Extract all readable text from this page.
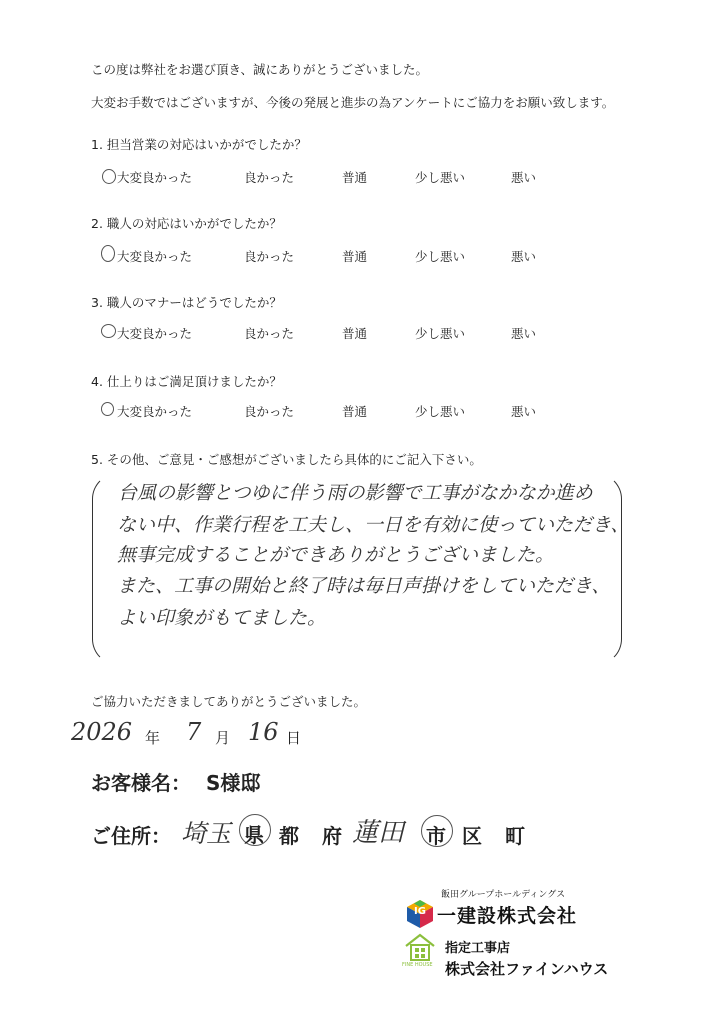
この度は弊社をお選び頂き、誠にありがとうございました。
大変お手数ではございますが、今後の発展と進歩の為アンケートにご協力をお願い致します。
1. 担当営業の対応はいかがでしたか？
大変良かった	良かった	普通	少し悪い	悪い
2. 職人の対応はいかがでしたか？
大変良かった	良かった	普通	少し悪い	悪い
3. 職人のマナーはどうでしたか？
大変良かった	良かった	普通	少し悪い	悪い
4. 仕上りはご満足頂けましたか？
大変良かった	良かった	普通	少し悪い	悪い
5. その他、ご意見・ご感想がございましたら具体的にご記入下さい。
台風の影響とつゆに伴う雨の影響で工事がなかなか進め
ない中、作業行程を工夫し、一日を有効に使っていただき、
無事完成することができありがとうございました。
また、工事の開始と終了時は毎日声掛けをしていただき、
よい印象がもてました。
ご協力いただきましてありがとうございました。
2026 年 7 月 16 日
お客様名： S様邸
ご住所： 埼玉 県 都 府 蓮田 市 区 町
IG
飯田グループホールディングス
一建設株式会社
FINE HOUSE
指定工事店
株式会社ファインハウス
